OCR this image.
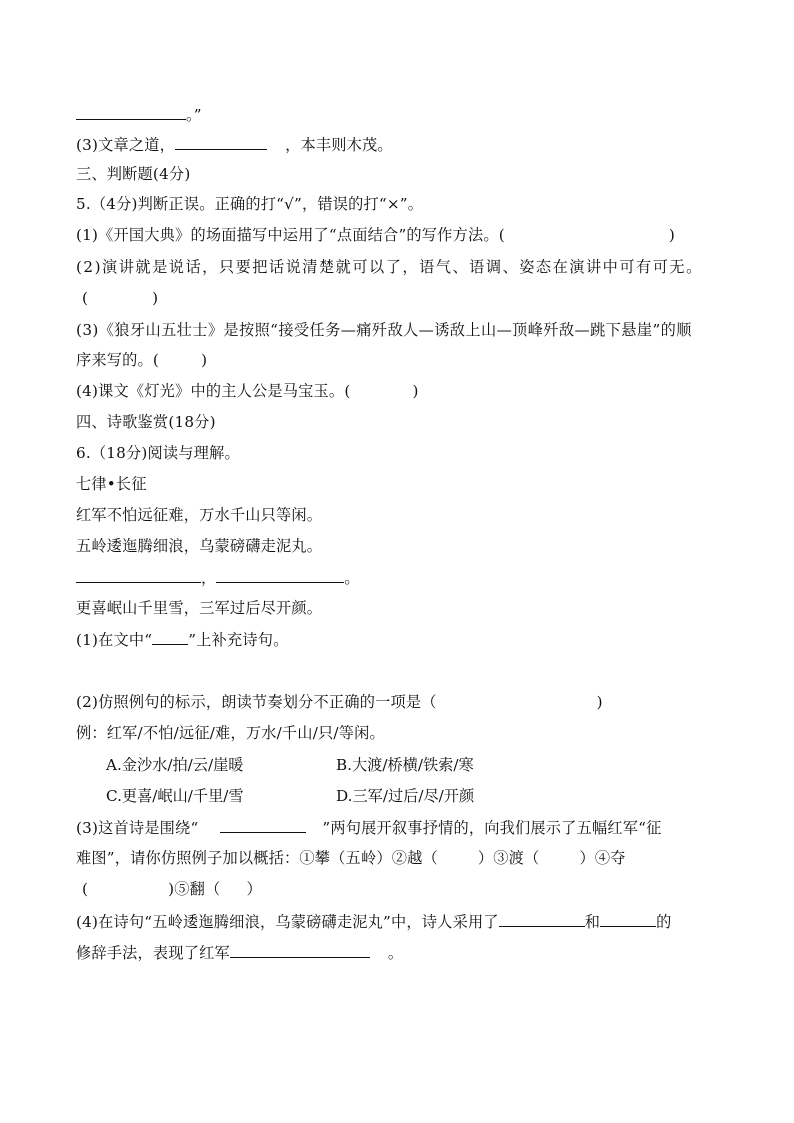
。”
(3)文章之道，	，本丰则木茂。
三、判断题(4分)
5.（4分)判断正误。正确的打“√”，错误的打“×”。
(1)《开国大典》的场面描写中运用了“点面结合”的写作方法。(	)
(2)演讲就是说话，只要把话说清楚就可以了，语气、语调、姿态在演讲中可有可无。
(	)
(3)《狼牙山五壮士》是按照“接受任务—痛歼敌人—诱敌上山—顶峰歼敌—跳下悬崖”的顺
序来写的。(	)
(4)课文《灯光》中的主人公是马宝玉。(	)
四、诗歌鉴赏(18分)
6.（18分)阅读与理解。
七律•长征
红军不怕远征难，万水千山只等闲。
五岭逶迤腾细浪，乌蒙磅礴走泥丸。
，	。
更喜岷山千里雪，三军过后尽开颜。
(1)在文中“ ”上补充诗句。
(2)仿照例句的标示，朗读节奏划分不正确的一项是（	)
例：红军/不怕/远征/难，万水/千山/只/等闲。
A.金沙水/拍/云/崖暖	B.大渡/桥横/铁索/寒
C.更喜/岷山/千里/雪	D.三军/过后/尽/开颜
(3)这首诗是围绕“	”两句展开叙事抒情的，向我们展示了五幅红军“征
难图”，请你仿照例子加以概括：①攀（五岭）②越（	）③渡（	）④夺
(	)⑤翻（ ）
(4)在诗句“五岭逶迤腾细浪，乌蒙磅礴走泥丸”中，诗人采用了	和	的
修辞手法，表现了红军	。
